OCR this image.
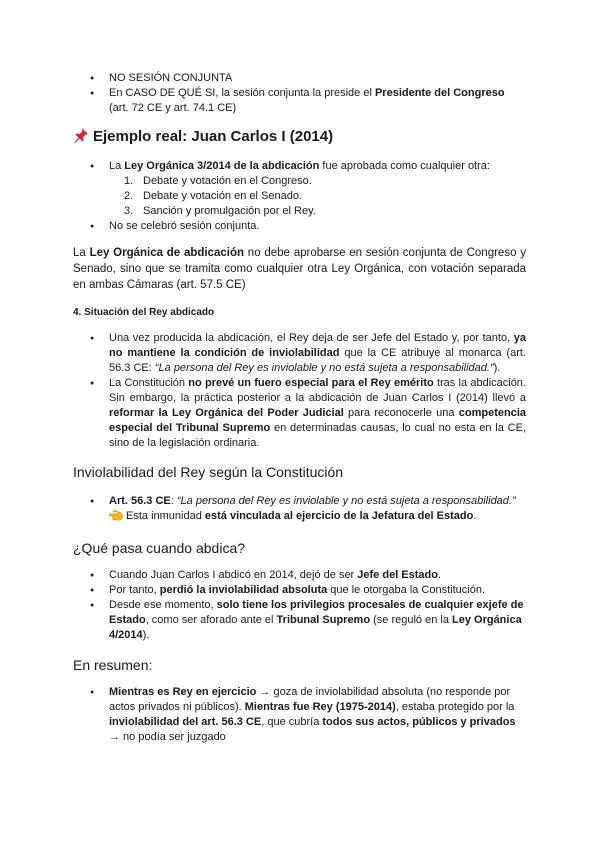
● NO SESIÓN CONJUNTA
● En CASO DE QUÉ SI, la sesión conjunta la preside el Presidente del Congreso (art. 72 CE y art. 74.1 CE)
Ejemplo real: Juan Carlos I (2014)
● La Ley Orgánica 3/2014 de la abdicación fue aprobada como cualquier otra:
1. Debate y votación en el Congreso.
2. Debate y votación en el Senado.
3. Sanción y promulgación por el Rey.
● No se celebró sesión conjunta.

La Ley Orgánica de abdicación no debe aprobarse en sesión conjunta de Congreso y Senado, sino que se tramita como cualquier otra Ley Orgánica, con votación separada en ambas Cámaras (art. 57.5 CE)

4. Situación del Rey abdicado
● Una vez producida la abdicación, el Rey deja de ser Jefe del Estado y, por tanto, ya no mantiene la condición de inviolabilidad que la CE atribuye al monarca (art. 56.3 CE: “La persona del Rey es inviolable y no está sujeta a responsabilidad.”).
● La Constitución no prevé un fuero especial para el Rey emérito tras la abdicación. Sin embargo, la práctica posterior a la abdicación de Juan Carlos I (2014) llevó a reformar la Ley Orgánica del Poder Judicial para reconocerle una competencia especial del Tribunal Supremo en determinadas causas, lo cual no esta en la CE, sino de la legislación ordinaria.
Inviolabilidad del Rey según la Constitución
● Art. 56.3 CE: “La persona del Rey es inviolable y no está sujeta a responsabilidad.”
Esta inmunidad está vinculada al ejercicio de la Jefatura del Estado.
¿Qué pasa cuando abdica?
● Cuando Juan Carlos I abdicó en 2014, dejó de ser Jefe del Estado.
● Por tanto, perdió la inviolabilidad absoluta que le otorgaba la Constitución.
● Desde ese momento, solo tiene los privilegios procesales de cualquier exjefe de Estado, como ser aforado ante el Tribunal Supremo (se reguló en la Ley Orgánica 4/2014).
En resumen:
● Mientras es Rey en ejercicio → goza de inviolabilidad absoluta (no responde por actos privados ni públicos). Mientras fue Rey (1975-2014), estaba protegido por la inviolabilidad del art. 56.3 CE, que cubría todos sus actos, públicos y privados → no podía ser juzgado
